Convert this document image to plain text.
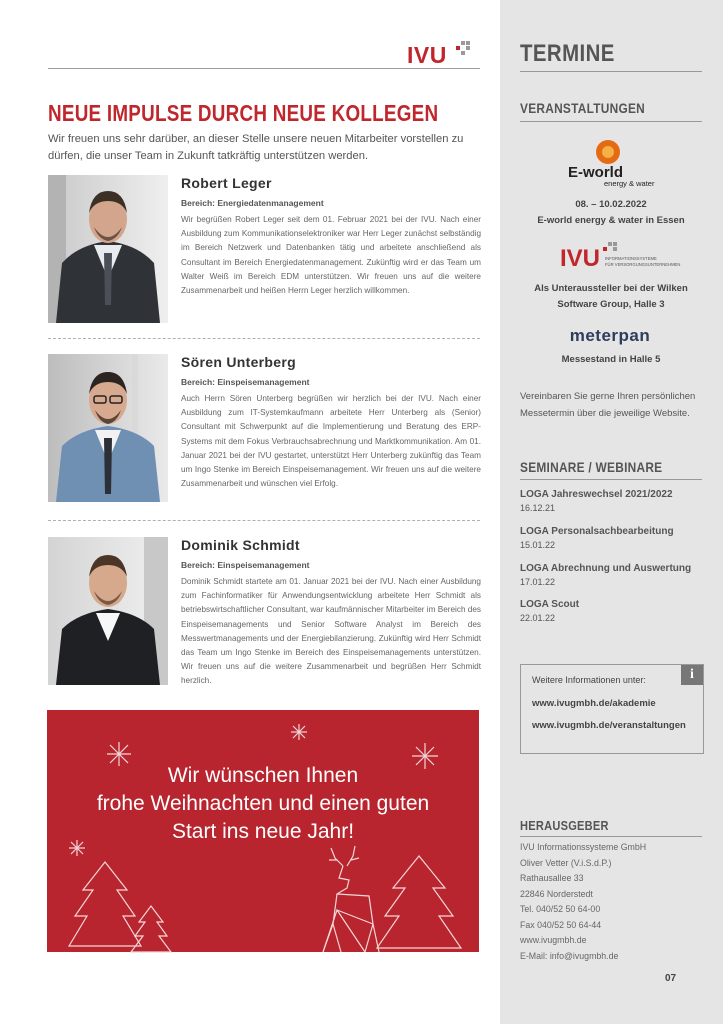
IVU
NEUE IMPULSE DURCH NEUE KOLLEGEN

Wir freuen uns sehr darüber, an dieser Stelle unsere neuen Mitarbeiter vorstellen zu dürfen, die unser Team in Zukunft tatkräftig unterstützen werden.

Robert Leger
Bereich: Energiedatenmanagement

Wir begrüßen Robert Leger seit dem 01. Februar 2021 bei der IVU. Nach einer Ausbildung zum Kommunikationselektroniker war Herr Leger zunächst selbständig im Bereich Netzwerk und Datenbanken tätig und arbeitete anschließend als Consultant im Bereich Energiedatenmanagement. Zukünftig wird er das Team um Walter Weiß im Bereich EDM unterstützen. Wir freuen uns auf die weitere Zusammenarbeit und heißen Herrn Leger herzlich willkommen.

Sören Unterberg
Bereich: Einspeisemanagement

Auch Herrn Sören Unterberg begrüßen wir herzlich bei der IVU. Nach einer Ausbildung zum IT-Systemkaufmann arbeitete Herr Unterberg als (Senior) Consultant mit Schwerpunkt auf die Implementierung und Beratung des ERP-Systems mit dem Fokus Verbrauchsabrechnung und Marktkommunikation. Am 01. Januar 2021 bei der IVU gestartet, unterstützt Herr Unterberg zukünftig das Team um Ingo Stenke im Bereich Einspeisemanagement. Wir freuen uns auf die weitere Zusammenarbeit und wünschen viel Erfolg.

Dominik Schmidt
Bereich: Einspeisemanagement

Dominik Schmidt startete am 01. Januar 2021 bei der IVU. Nach einer Ausbildung zum Fachinformatiker für Anwendungsentwicklung arbeitete Herr Schmidt als betriebswirtschaftlicher Consultant, war kaufmännischer Mitarbeiter im Bereich des Einspeisemanagements und Senior Software Analyst im Bereich des Messwertmanagements und der Energiebilanzierung. Zukünftig wird Herr Schmidt das Team um Ingo Stenke im Bereich des Einspeisemanagements unterstützen. Wir freuen uns auf die weitere Zusammenarbeit und begrüßen Herr Schmidt herzlich.

Wir wünschen Ihnen
frohe Weihnachten und einen guten
Start ins neue Jahr!
TERMINE
VERANSTALTUNGEN
E-world
energy & water
08. – 10.02.2022
E-world energy & water in Essen
IVU INFORMATIONSSYSTEME
FÜR VERSORGUNGSUNTERNEHMEN
Als Unteraussteller bei der Wilken
Software Group, Halle 3
meterpan
Messestand in Halle 5

Vereinbaren Sie gerne Ihren persönlichen Messetermin über die jeweilige Website.

SEMINARE / WEBINARE
LOGA Jahreswechsel 2021/2022
16.12.21
LOGA Personalsachbearbeitung
15.01.22
LOGA Abrechnung und Auswertung
17.01.22
LOGA Scout
22.01.22
i
Weitere Informationen unter:
www.ivugmbh.de/akademie
www.ivugmbh.de/veranstaltungen
HERAUSGEBER
IVU Informationssysteme GmbH
Oliver Vetter (V.i.S.d.P.)
Rathausallee 33
22846 Norderstedt
Tel. 040/52 50 64-00
Fax 040/52 50 64-44
www.ivugmbh.de
E-Mail: info@ivugmbh.de
07
